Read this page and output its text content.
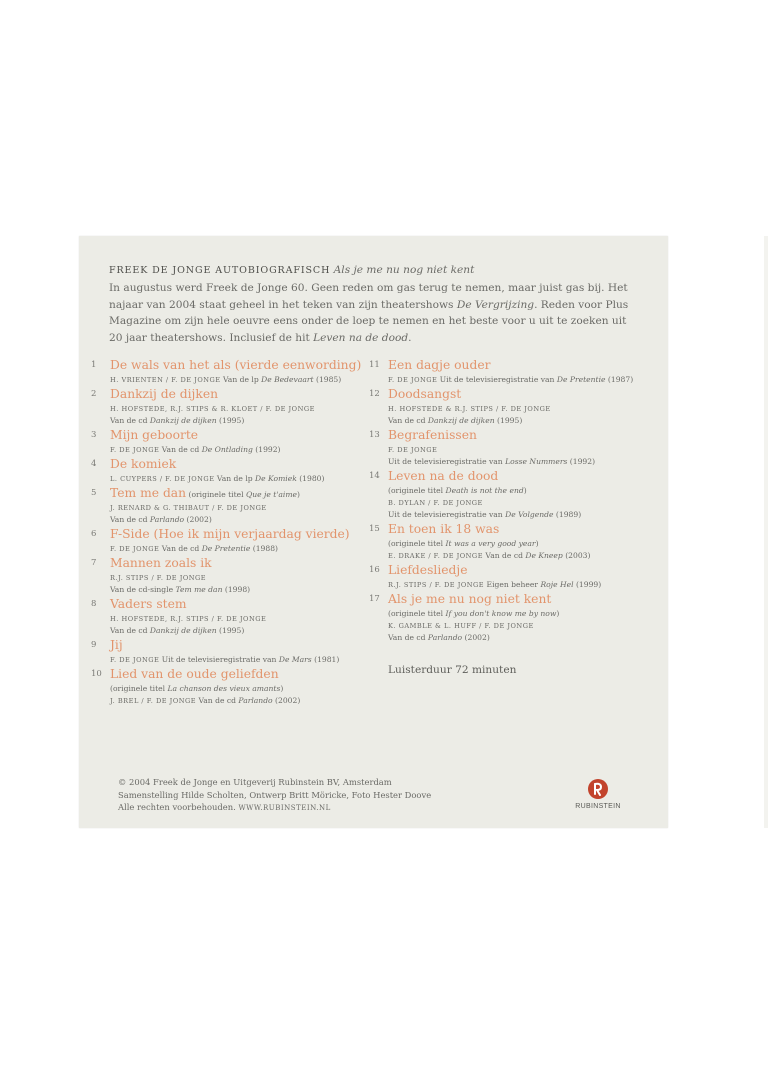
FREEK DE JONGE AUTOBIOGRAFISCH Als je me nu nog niet kent
In augustus werd Freek de Jonge 60. Geen reden om gas terug te nemen, maar juist gas bij. Het najaar van 2004 staat geheel in het teken van zijn theatershows De Vergrijzing. Reden voor Plus Magazine om zijn hele oeuvre eens onder de loep te nemen en het beste voor u uit te zoeken uit 20 jaar theatershows. Inclusief de hit Leven na de dood.
1	De wals van het als (vierde eenwording)
H. VRIENTEN / F. DE JONGE Van de lp De Bedevaart (1985)
2	Dankzij de dijken
H. HOFSTEDE, R.J. STIPS & R. KLOET / F. DE JONGE
Van de cd Dankzij de dijken (1995)
3	Mijn geboorte
F. DE JONGE Van de cd De Ontlading (1992)
4	De komiek
L. CUYPERS / F. DE JONGE Van de lp De Komiek (1980)
5	Tem me dan (originele titel Que je t'aime)
J. RENARD & G. THIBAUT / F. DE JONGE
Van de cd Parlando (2002)
6	F-Side (Hoe ik mijn verjaardag vierde)
F. DE JONGE Van de cd De Pretentie (1988)
7	Mannen zoals ik
R.J. STIPS / F. DE JONGE
Van de cd-single Tem me dan (1998)
8	Vaders stem
H. HOFSTEDE, R.J. STIPS / F. DE JONGE
Van de cd Dankzij de dijken (1995)
9	Jij
F. DE JONGE Uit de televisieregistratie van De Mars (1981)
10 Lied van de oude geliefden
(originele titel La chanson des vieux amants)
J. BREL / F. DE JONGE Van de cd Parlando (2002)
11 Een dagje ouder
F. DE JONGE Uit de televisieregistratie van De Pretentie (1987)
12 Doodsangst
H. HOFSTEDE & R.J. STIPS / F. DE JONGE
Van de cd Dankzij de dijken (1995)
13 Begrafenissen
F. DE JONGE
Uit de televisieregistratie van Losse Nummers (1992)
14 Leven na de dood
(originele titel Death is not the end)
B. DYLAN / F. DE JONGE
Uit de televisieregistratie van De Volgende (1989)
15 En toen ik 18 was
(originele titel It was a very good year)
E. DRAKE / F. DE JONGE Van de cd De Kneep (2003)
16 Liefdesliedje
R.J. STIPS / F. DE JONGE Eigen beheer Roje Hel (1999)
17 Als je me nu nog niet kent
(originele titel If you don't know me by now)
K. GAMBLE & L. HUFF / F. DE JONGE
Van de cd Parlando (2002)
Luisterduur 72 minuten
© 2004 Freek de Jonge en Uitgeverij Rubinstein BV, Amsterdam
Samenstelling Hilde Scholten, Ontwerp Britt Möricke, Foto Hester Doove
Alle rechten voorbehouden. WWW.RUBINSTEIN.NL	RUBINSTEIN
